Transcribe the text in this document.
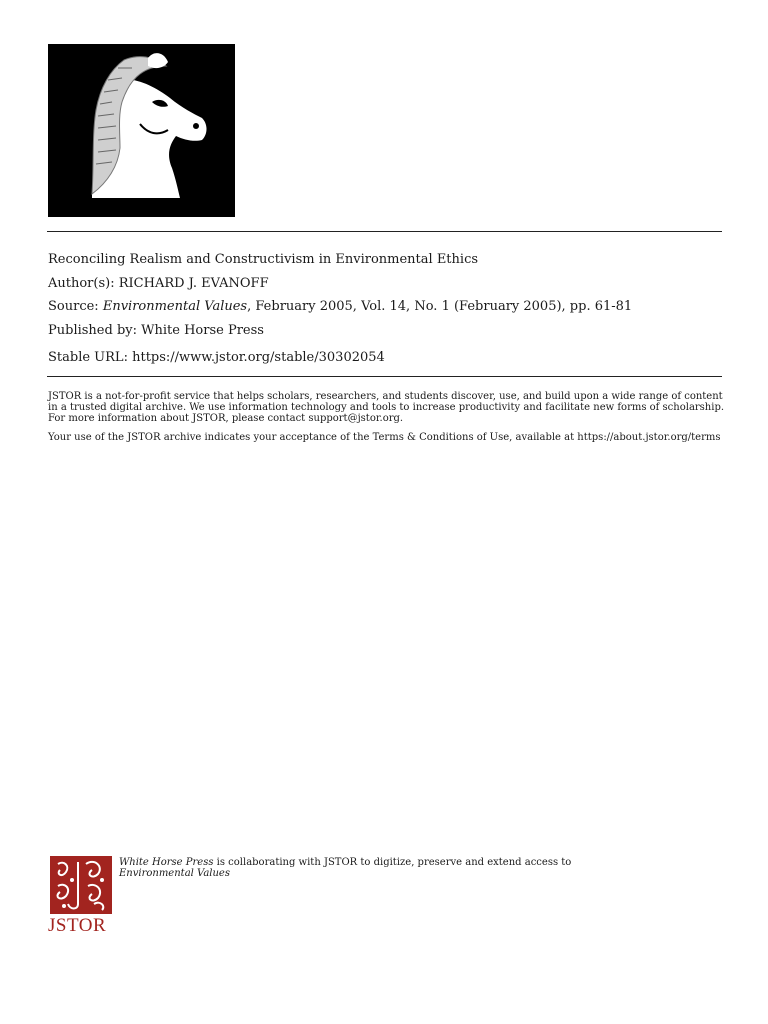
Reconciling Realism and Constructivism in Environmental Ethics
Author(s): RICHARD J. EVANOFF
Source: Environmental Values, February 2005, Vol. 14, No. 1 (February 2005), pp. 61-81
Published by: White Horse Press
Stable URL: https://www.jstor.org/stable/30302054

JSTOR is a not-for-profit service that helps scholars, researchers, and students discover, use, and build upon a wide range of content in a trusted digital archive. We use information technology and tools to increase productivity and facilitate new forms of scholarship. For more information about JSTOR, please contact support@jstor.org.

Your use of the JSTOR archive indicates your acceptance of the Terms & Conditions of Use, available at https://about.jstor.org/terms

JSTOR
White Horse Press is collaborating with JSTOR to digitize, preserve and extend access to
Environmental Values
